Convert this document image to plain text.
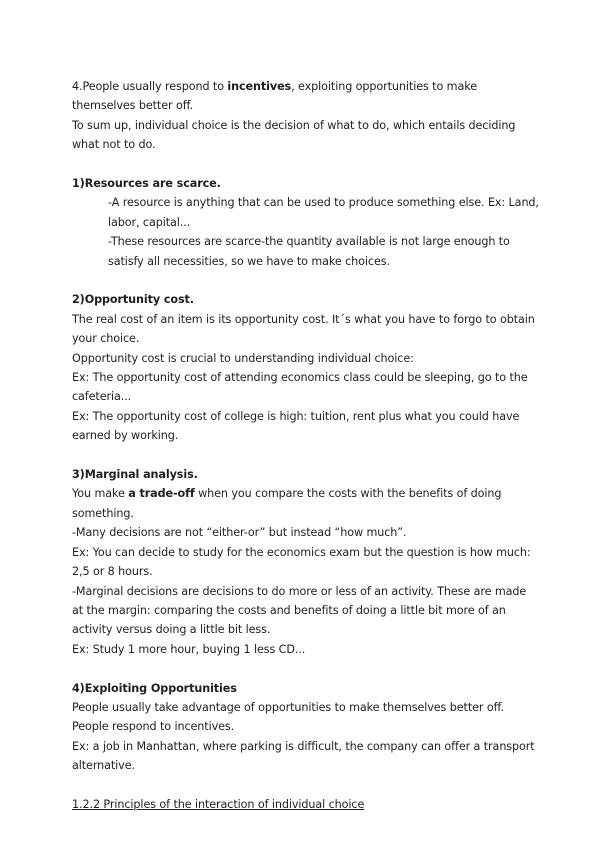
4.People usually respond to incentives, exploiting opportunities to make themselves better off.

To sum up, individual choice is the decision of what to do, which entails deciding what not to do.

1)Resources are scarce.

-A resource is anything that can be used to produce something else. Ex: Land, labor, capital...

-These resources are scarce-the quantity available is not large enough to satisfy all necessities, so we have to make choices.

2)Opportunity cost.

The real cost of an item is its opportunity cost. It´s what you have to forgo to obtain your choice.

Opportunity cost is crucial to understanding individual choice:

Ex: The opportunity cost of attending economics class could be sleeping, go to the cafeteria...

Ex: The opportunity cost of college is high: tuition, rent plus what you could have earned by working.

3)Marginal analysis.

You make a trade-off when you compare the costs with the benefits of doing something.

-Many decisions are not “either-or” but instead “how much”.

Ex: You can decide to study for the economics exam but the question is how much: 2,5 or 8 hours.

-Marginal decisions are decisions to do more or less of an activity. These are made at the margin: comparing the costs and benefits of doing a little bit more of an activity versus doing a little bit less.

Ex: Study 1 more hour, buying 1 less CD...

4)Exploiting Opportunities

People usually take advantage of opportunities to make themselves better off.

People respond to incentives.

Ex: a job in Manhattan, where parking is difficult, the company can offer a transport alternative.

1.2.2 Principles of the interaction of individual choice
